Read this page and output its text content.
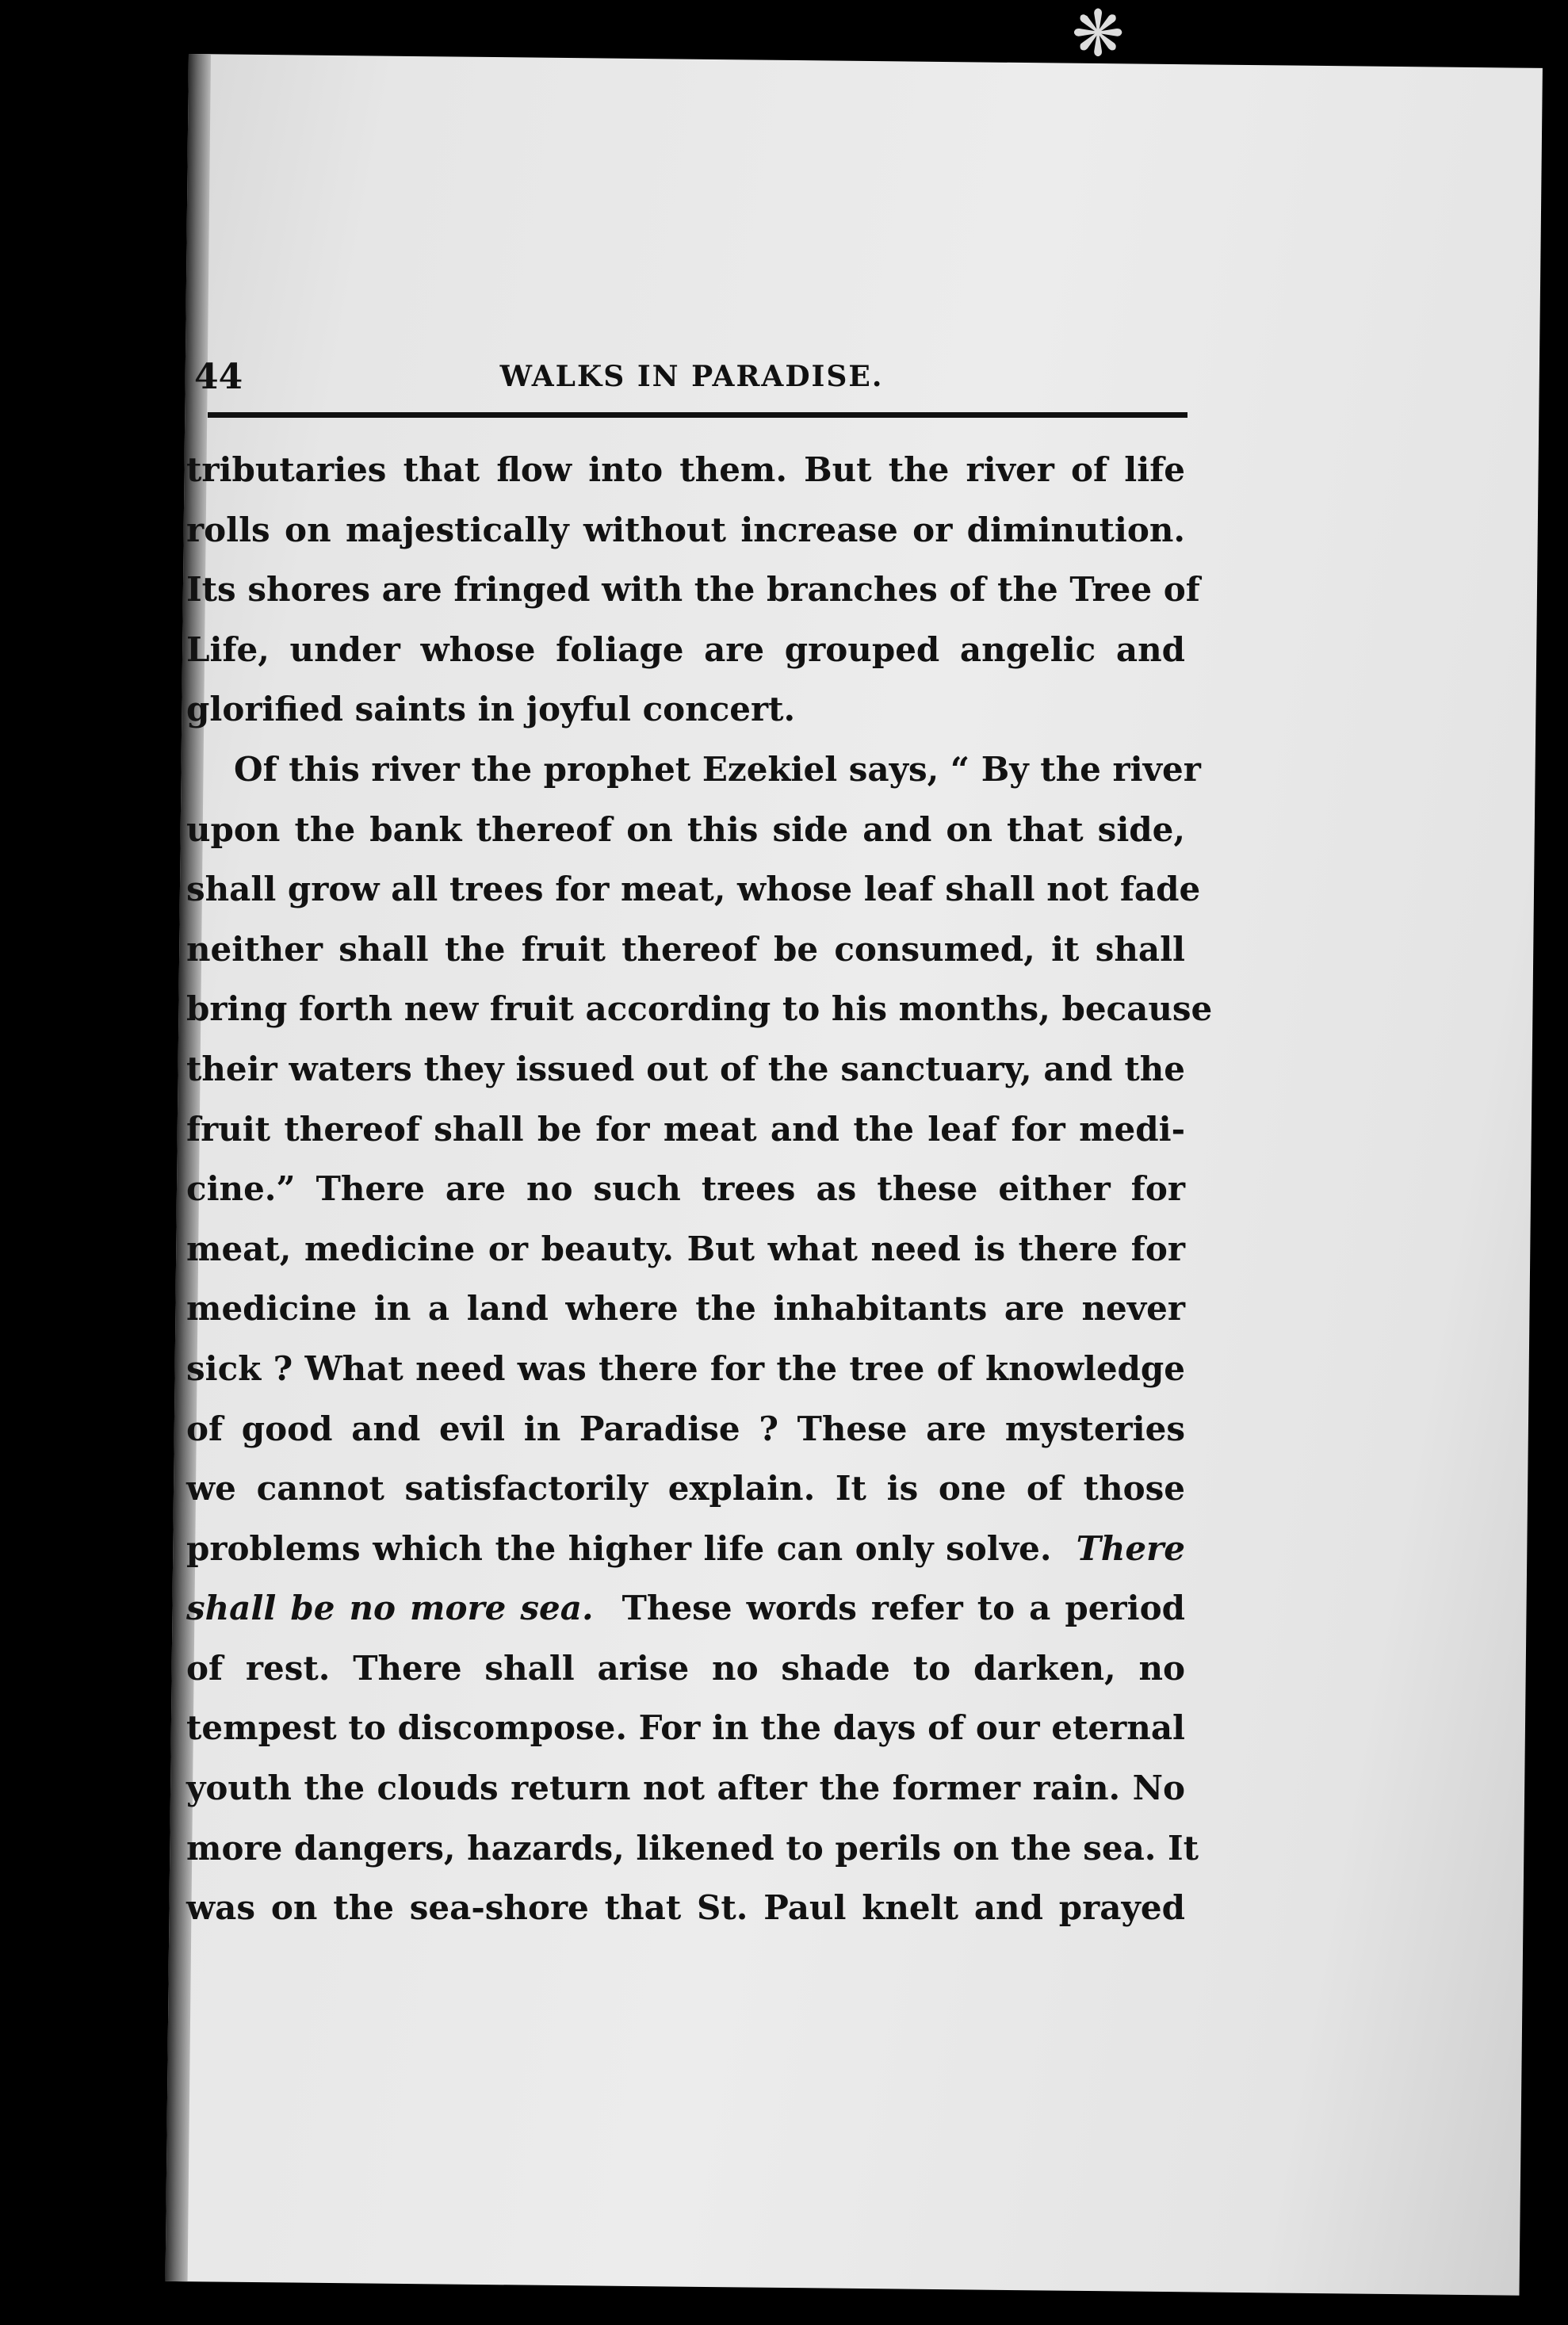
❋
44	WALKS IN PARADISE.
tributaries that flow into them. But the river of life
rolls on majestically without increase or diminution.
Its shores are fringed with the branches of the Tree of
Life, under whose foliage are grouped angelic and
glorified saints in joyful concert.
Of this river the prophet Ezekiel says, “ By the river
upon the bank thereof on this side and on that side,
shall grow all trees for meat, whose leaf shall not fade
neither shall the fruit thereof be consumed, it shall
bring forth new fruit according to his months, because
their waters they issued out of the sanctuary, and the
fruit thereof shall be for meat and the leaf for medi-
cine.” There are no such trees as these either for
meat, medicine or beauty. But what need is there for
medicine in a land where the inhabitants are never
sick ? What need was there for the tree of knowledge
of good and evil in Paradise ? These are mysteries
we cannot satisfactorily explain. It is one of those
problems which the higher life can only solve. There
shall be no more sea. These words refer to a period
of rest. There shall arise no shade to darken, no
tempest to discompose. For in the days of our eternal
youth the clouds return not after the former rain. No
more dangers, hazards, likened to perils on the sea. It
was on the sea-shore that St. Paul knelt and prayed
